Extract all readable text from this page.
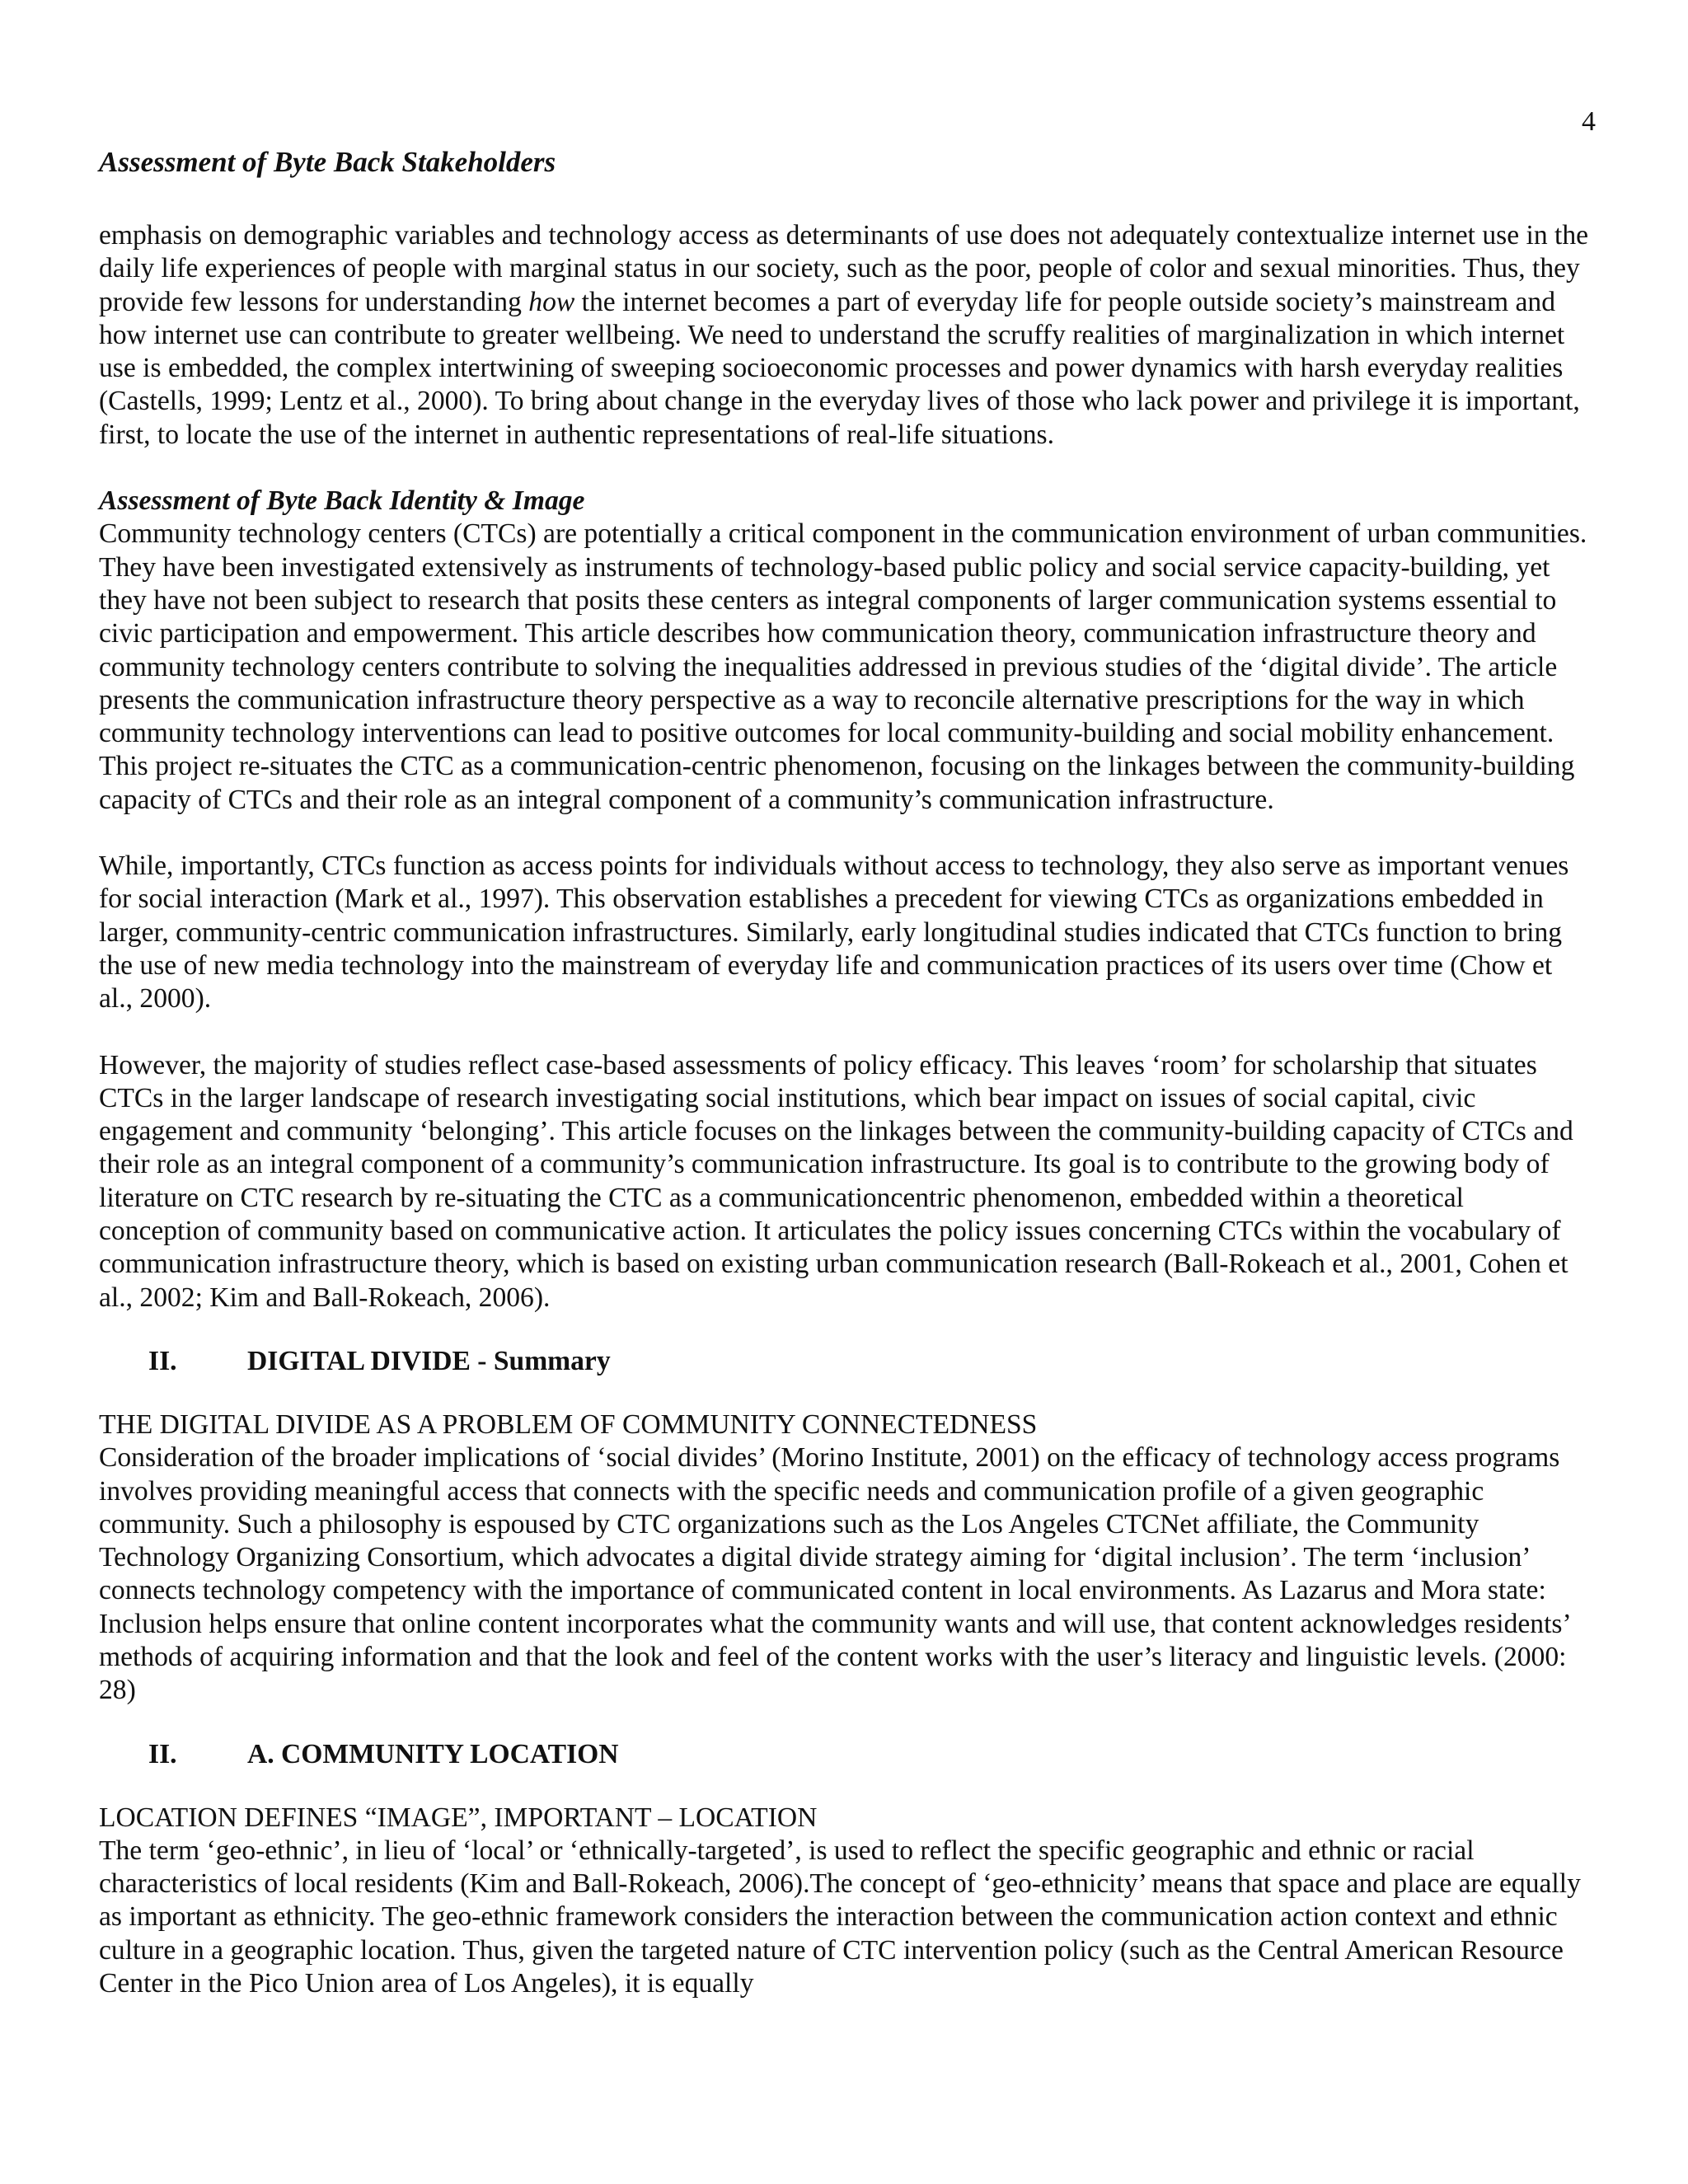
4
Assessment of Byte Back Stakeholders

emphasis on demographic variables and technology access as determinants of use does not adequately contextualize internet use in the daily life experiences of people with marginal status in our society, such as the poor, people of color and sexual minorities. Thus, they provide few lessons for understanding how the internet becomes a part of everyday life for people outside society’s mainstream and how internet use can contribute to greater wellbeing. We need to understand the scruffy realities of marginalization in which internet use is embedded, the complex intertwining of sweeping socioeconomic processes and power dynamics with harsh everyday realities (Castells, 1999; Lentz et al., 2000). To bring about change in the everyday lives of those who lack power and privilege it is important, first, to locate the use of the internet in authentic representations of real-life situations.

Assessment of Byte Back Identity & Image

Community technology centers (CTCs) are potentially a critical component in the communication environment of urban communities. They have been investigated extensively as instruments of technology-based public policy and social service capacity-building, yet they have not been subject to research that posits these centers as integral components of larger communication systems essential to civic participation and empowerment. This article describes how communication theory, communication infrastructure theory and community technology centers contribute to solving the inequalities addressed in previous studies of the ‘digital divide’. The article presents the communication infrastructure theory perspective as a way to reconcile alternative prescriptions for the way in which community technology interventions can lead to positive outcomes for local community-building and social mobility enhancement. This project re-situates the CTC as a communication-centric phenomenon, focusing on the linkages between the community-building capacity of CTCs and their role as an integral component of a community’s communication infrastructure.

While, importantly, CTCs function as access points for individuals without access to technology, they also serve as important venues for social interaction (Mark et al., 1997). This observation establishes a precedent for viewing CTCs as organizations embedded in larger, community-centric communication infrastructures. Similarly, early longitudinal studies indicated that CTCs function to bring the use of new media technology into the mainstream of everyday life and communication practices of its users over time (Chow et al., 2000).

However, the majority of studies reflect case-based assessments of policy efficacy. This leaves ‘room’ for scholarship that situates CTCs in the larger landscape of research investigating social institutions, which bear impact on issues of social capital, civic engagement and community ‘belonging’. This article focuses on the linkages between the community-building capacity of CTCs and their role as an integral component of a community’s communication infrastructure. Its goal is to contribute to the growing body of literature on CTC research by re-situating the CTC as a communicationcentric phenomenon, embedded within a theoretical conception of community based on communicative action. It articulates the policy issues concerning CTCs within the vocabulary of communication infrastructure theory, which is based on existing urban communication research (Ball-Rokeach et al., 2001, Cohen et al., 2002; Kim and Ball-Rokeach, 2006).

II.	DIGITAL DIVIDE - Summary

THE DIGITAL DIVIDE AS A PROBLEM OF COMMUNITY CONNECTEDNESS

Consideration of the broader implications of ‘social divides’ (Morino Institute, 2001) on the efficacy of technology access programs involves providing meaningful access that connects with the specific needs and communication profile of a given geographic community. Such a philosophy is espoused by CTC organizations such as the Los Angeles CTCNet affiliate, the Community Technology Organizing Consortium, which advocates a digital divide strategy aiming for ‘digital inclusion’. The term ‘inclusion’ connects technology competency with the importance of communicated content in local environments. As Lazarus and Mora state: Inclusion helps ensure that online content incorporates what the community wants and will use, that content acknowledges residents’ methods of acquiring information and that the look and feel of the content works with the user’s literacy and linguistic levels. (2000: 28)

II.	A. COMMUNITY LOCATION

LOCATION DEFINES “IMAGE”, IMPORTANT – LOCATION

The term ‘geo-ethnic’, in lieu of ‘local’ or ‘ethnically-targeted’, is used to reflect the specific geographic and ethnic or racial characteristics of local residents (Kim and Ball-Rokeach, 2006).The concept of ‘geo-ethnicity’ means that space and place are equally as important as ethnicity. The geo-ethnic framework considers the interaction between the communication action context and ethnic culture in a geographic location. Thus, given the targeted nature of CTC intervention policy (such as the Central American Resource Center in the Pico Union area of Los Angeles), it is equally
